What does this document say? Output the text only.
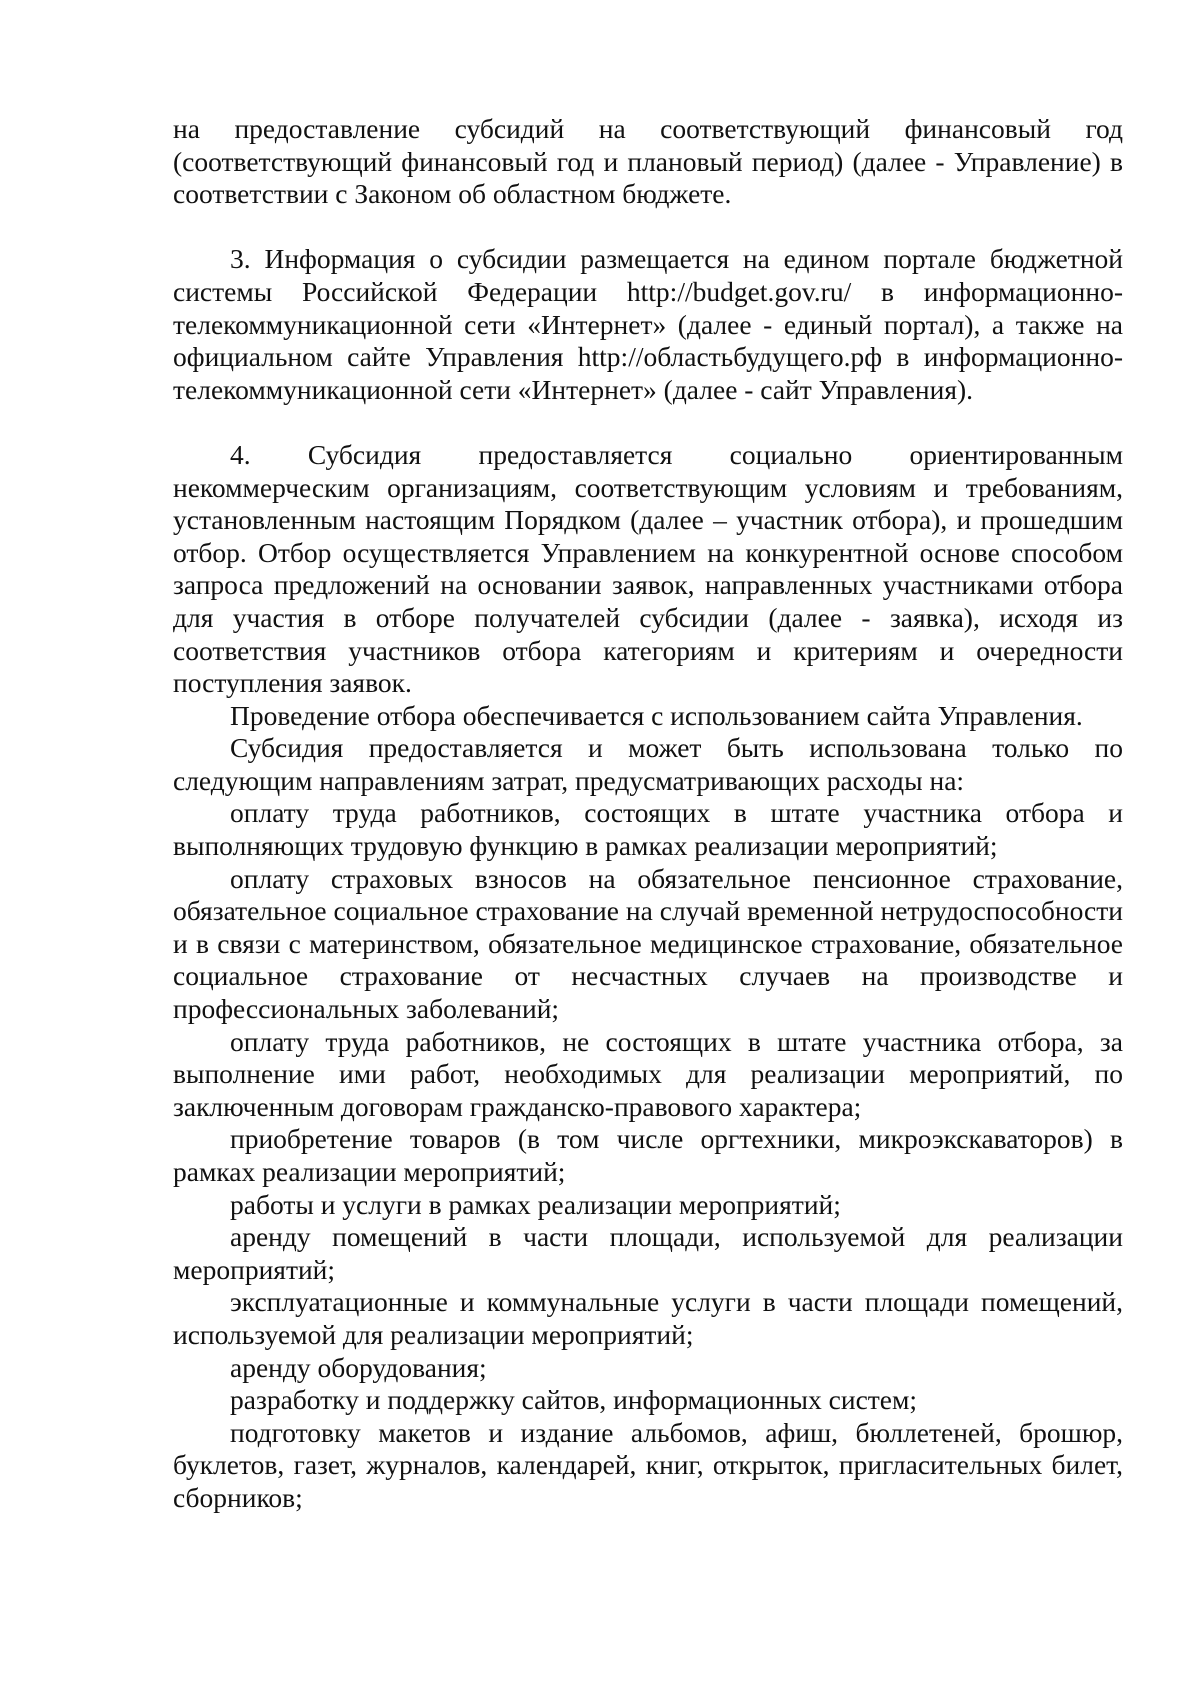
на предоставление субсидий на соответствующий финансовый год (соответствующий финансовый год и плановый период) (далее - Управление) в соответствии с Законом об областном бюджете.

3. Информация о субсидии размещается на едином портале бюджетной системы Российской Федерации http://budget.gov.ru/ в информационно-телекоммуникационной сети «Интернет» (далее - единый портал), а также на официальном сайте Управления http://областьбудущего.рф в информационно-телекоммуникационной сети «Интернет» (далее - сайт Управления).

4. Субсидия предоставляется социально ориентированным некоммерческим организациям, соответствующим условиям и требованиям, установленным настоящим Порядком (далее – участник отбора), и прошедшим отбор. Отбор осуществляется Управлением на конкурентной основе способом запроса предложений на основании заявок, направленных участниками отбора для участия в отборе получателей субсидии (далее - заявка), исходя из соответствия участников отбора категориям и критериям и очередности поступления заявок.

Проведение отбора обеспечивается с использованием сайта Управления.

Субсидия предоставляется и может быть использована только по следующим направлениям затрат, предусматривающих расходы на:

оплату труда работников, состоящих в штате участника отбора и выполняющих трудовую функцию в рамках реализации мероприятий;

оплату страховых взносов на обязательное пенсионное страхование, обязательное социальное страхование на случай временной нетрудоспособности и в связи с материнством, обязательное медицинское страхование, обязательное социальное страхование от несчастных случаев на производстве и профессиональных заболеваний;

оплату труда работников, не состоящих в штате участника отбора, за выполнение ими работ, необходимых для реализации мероприятий, по заключенным договорам гражданско-правового характера;

приобретение товаров (в том числе оргтехники, микроэкскаваторов) в рамках реализации мероприятий;

работы и услуги в рамках реализации мероприятий;

аренду помещений в части площади, используемой для реализации мероприятий;

эксплуатационные и коммунальные услуги в части площади помещений, используемой для реализации мероприятий;

аренду оборудования;

разработку и поддержку сайтов, информационных систем;

подготовку макетов и издание альбомов, афиш, бюллетеней, брошюр, буклетов, газет, журналов, календарей, книг, открыток, пригласительных билет, сборников;
